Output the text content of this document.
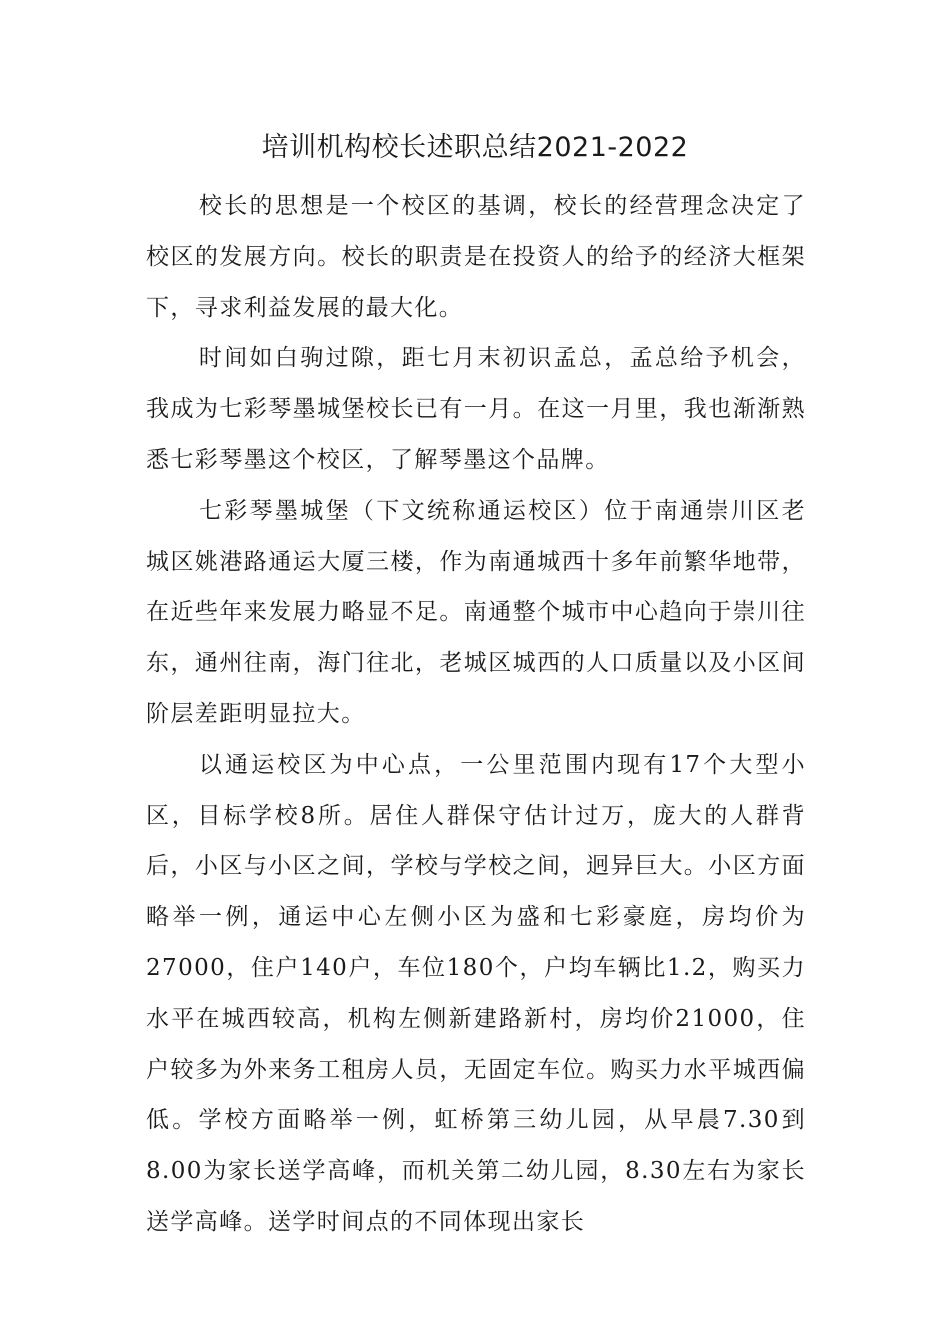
培训机构校长述职总结2021-2022

校长的思想是一个校区的基调，校长的经营理念决定了校区的发展方向。校长的职责是在投资人的给予的经济大框架下，寻求利益发展的最大化。

时间如白驹过隙，距七月末初识孟总，孟总给予机会，我成为七彩琴墨城堡校长已有一月。在这一月里，我也渐渐熟悉七彩琴墨这个校区，了解琴墨这个品牌。

七彩琴墨城堡（下文统称通运校区）位于南通崇川区老城区姚港路通运大厦三楼，作为南通城西十多年前繁华地带，在近些年来发展力略显不足。南通整个城市中心趋向于崇川往东，通州往南，海门往北，老城区城西的人口质量以及小区间阶层差距明显拉大。

以通运校区为中心点，一公里范围内现有17个大型小区，目标学校8所。居住人群保守估计过万，庞大的人群背后，小区与小区之间，学校与学校之间，迥异巨大。小区方面略举一例，通运中心左侧小区为盛和七彩豪庭，房均价为27000，住户140户，车位180个，户均车辆比1.2，购买力水平在城西较高，机构左侧新建路新村，房均价21000，住户较多为外来务工租房人员，无固定车位。购买力水平城西偏低。学校方面略举一例，虹桥第三幼儿园，从早晨7.30到8.00为家长送学高峰，而机关第二幼儿园，8.30左右为家长送学高峰。送学时间点的不同体现出家长
